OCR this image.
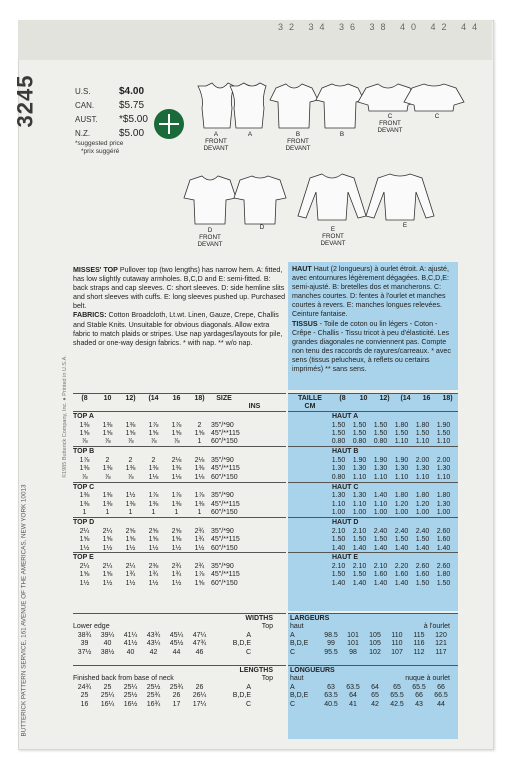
32 34 36 38 40 42 44
3245
BUTTERICK PATTERN SERVICE, 161 AVENUE OF THE AMERICAS, NEW YORK 10013
©1985 Butterick Company, Inc. ● Printed in U.S.A.
U.S.	$4.00
CAN.	$5.75
AUST.	*$5.00
N.Z.	$5.00
*suggested price
*prix suggéré
A
FRONT
DEVANT
A	B
FRONT
DEVANT
B
C
FRONT
DEVANT
C
D
FRONT
DEVANT
D	E
FRONT
DEVANT
E
MISSES' TOP Pullover top (two lengths) has narrow hem. A: fitted, has low slightly cutaway armholes. B,C,D and E: semi-fitted. B: back straps and cap sleeves. C: short sleeves. D: side hemline slits and short sleeves with cuffs. E: long sleeves pushed up. Purchased belt.
FABRICS: Cotton Broadcloth, Lt.wt. Linen, Gauze, Crepe, Challis and Stable Knits. Unsuitable for obvious diagonals. Allow extra fabric to match plaids or stripes. Use nap yardages/layouts for pile, shaded or one-way design fabrics. * with nap. ** w/o nap.
HAUT Haut (2 longueurs) à ourlet étroit. A: ajusté, avec entournures légèrement dégagées. B,C,D,E: semi-ajusté. B: bretelles dos et mancherons. C: manches courtes. D: fentes à l'ourlet et manches courtes à revers. E: manches longues relevées. Ceinture fantaise.
TISSUS - Toile de coton ou lin légers - Coton - Crêpe - Challis - Tissu tricot à peu d'élasticité. Les grandes diagonales ne conviennent pas. Compte non tenu des raccords de rayures/carreaux. * avec sens (tissus pelucheux, à reflets ou certains imprimés) ** sans sens.
(8	10	12)	(14	16	18)	SIZE
INS
TOP A
1⅜	1⅜	1⅜	1⅞	1⅞	2	35"/*90
1⅝	1⅝	1⅝	1⅝	1⅝	1⅝ 45"/**115
⅞	⅞	⅞	⅞	⅞	1	60"/*150
TOP B
1⅞	2	2	2	2⅛	2⅛ 35"/*90
1⅜	1⅜	1⅜	1⅜	1⅜	1⅜ 45"/**115
⅞	⅞	⅞	1⅛	1⅛	1⅛ 60"/*150
TOP C
1⅜	1⅜	1½	1⅞	1⅞	1⅞ 35"/*90
1⅜	1⅜	1⅜	1⅜	1⅜	1⅜ 45"/**115
1	1	1	1	1	1	60"/*150
TOP D
2¼	2¼	2⅝	2⅝	2⅝	2¾ 35"/*90
1⅝	1⅝	1⅝	1⅝	1⅝	1¾ 45"/**115
1½	1½	1½	1½	1½	1½ 60"/*150
TOP E
2¼	2¼	2¼	2⅜	2¾	2¾ 35"/*90
1⅝	1⅝	1¾	1¾	1¾	1⅞ 45"/**115
1½	1½	1½	1½	1½	1⅝ 60"/*150
TAILLE	(8	10	12)	(14	16	18)
CM
HAUT A
1.50	1.50	1.50	1.80	1.80	1.90
1.50	1.50	1.50	1.50	1.50	1.50
0.80	0.80	0.80	1.10	1.10	1.10
HAUT B
1.50	1.90	1.90	1.90	2.00	2.00
1.30	1.30	1.30	1.30	1.30	1.30
0.80	1.10	1.10	1.10	1.10	1.10
HAUT C
1.30	1.30	1.40	1.80	1.80	1.80
1.10	1.10	1.10	1.20	1.20	1.30
1.00	1.00	1.00	1.00	1.00	1.00
HAUT D
2.10	2.10	2.40	2.40	2.40	2.60
1.50	1.50	1.50	1.50	1.50	1.60
1.40	1.40	1.40	1.40	1.40	1.40
HAUT E
2.10	2.10	2.10	2.20	2.60	2.60
1.50	1.50	1.60	1.60	1.60	1.80
1.40	1.40	1.40	1.40	1.50	1.50
WIDTHS
Lower edge	Top
38¾	39¼	41¼	43¾	45¼	47¼	A
39	40	41½	43¼	45½	47¾	B,D,E
37½	38½	40	42	44	46	C
LENGTHS
Finished back from base of neck	Top
24¾	25	25¼	25½	25¾	26	A
25	25¼	25½	25¾	26	26¼	B,D,E
16	16¼	16½	16¾	17	17¼	C
LARGEURS
haut	à l'ourlet
A	98.5	101	105	110	115	120
B,D,E	99	101	105	110	116	121
C	95.5	98	102	107	112	117
LONGUEURS
haut	nuque à ourlet
A	63	63.5	64	65	65.5	66
B,D,E	63.5	64	65	65.5	66	66.5
C	40.5	41	42	42.5	43	44
